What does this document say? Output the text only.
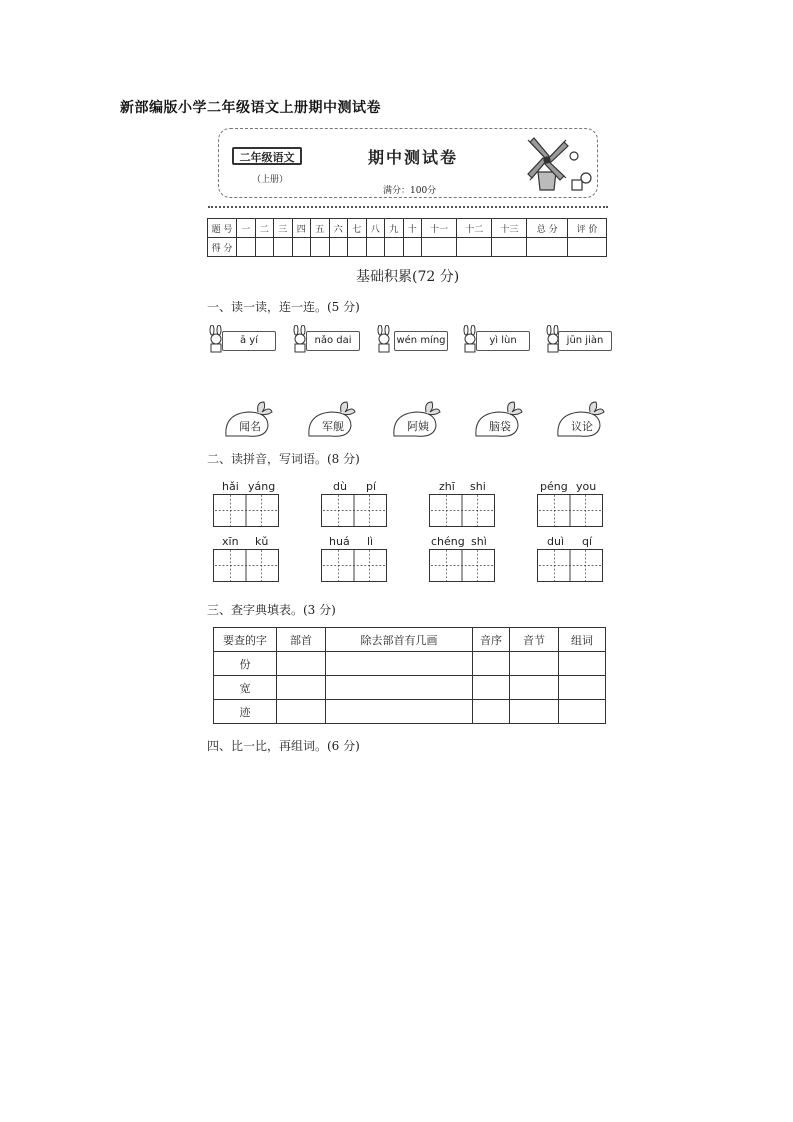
新部编版小学二年级语文上册期中测试卷
二年级语文
（上册）
期中测试卷
满分：100分
题 号	一	二	三	四	五	六	七	八	九	十	十一	十二	十三	总 分	评 价
得 分															
基础积累(72 分)
一、读一读，连一连。(5 分)
ā yí	nǎo dai	wén míng	yì lùn	jūn jiàn
闻名	军舰	阿姨	脑袋	议论
二、读拼音，写词语。(8 分)
hǎi yáng	dù pí	zhī shi	péng you
xīn kǔ	huá lì	chéng shì	duì qí
三、查字典填表。(3 分)
要查的字	部首	除去部首有几画	音序	音节	组词
份					
宽					
迹					
四、比一比，再组词。(6 分)
